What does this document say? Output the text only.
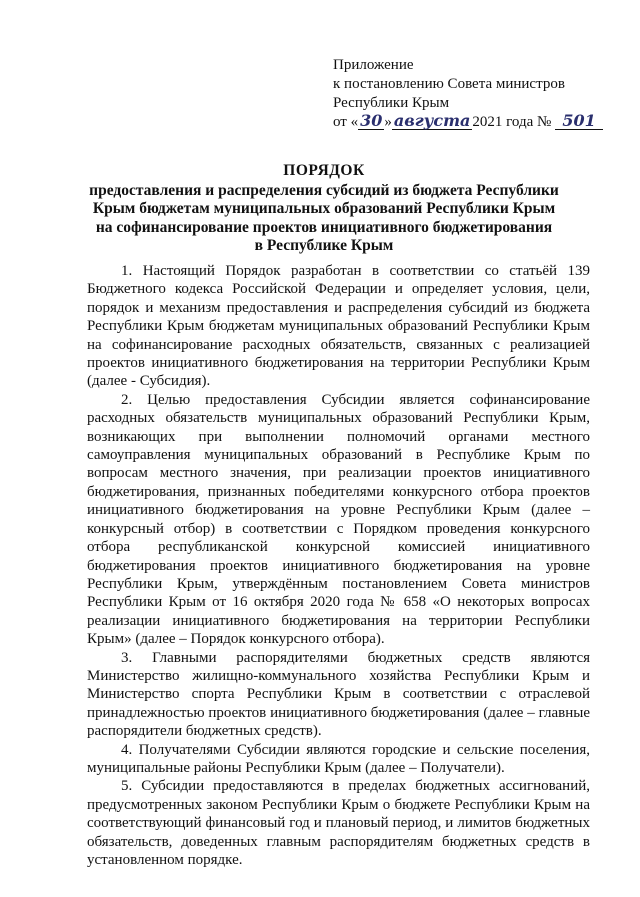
Приложение
к постановлению Совета министров
Республики Крым
от « 30 » августа 2021 года № 501
ПОРЯДОК
предоставления и распределения субсидий из бюджета Республики
Крым бюджетам муниципальных образований Республики Крым
на софинансирование проектов инициативного бюджетирования
в Республике Крым

1. Настоящий Порядок разработан в соответствии со статьёй 139 Бюджетного кодекса Российской Федерации и определяет условия, цели, порядок и механизм предоставления и распределения субсидий из бюджета Республики Крым бюджетам муниципальных образований Республики Крым на софинансирование расходных обязательств, связанных с реализацией проектов инициативного бюджетирования на территории Республики Крым (далее - Субсидия).

2. Целью предоставления Субсидии является софинансирование расходных обязательств муниципальных образований Республики Крым, возникающих при выполнении полномочий органами местного самоуправления муниципальных образований в Республике Крым по вопросам местного значения, при реализации проектов инициативного бюджетирования, признанных победителями конкурсного отбора проектов инициативного бюджетирования на уровне Республики Крым (далее – конкурсный отбор) в соответствии с Порядком проведения конкурсного отбора республиканской конкурсной комиссией инициативного бюджетирования проектов инициативного бюджетирования на уровне Республики Крым, утверждённым постановлением Совета министров Республики Крым от 16 октября 2020 года № 658 «О некоторых вопросах реализации инициативного бюджетирования на территории Республики Крым» (далее – Порядок конкурсного отбора).

3. Главными распорядителями бюджетных средств являются Министерство жилищно-коммунального хозяйства Республики Крым и Министерство спорта Республики Крым в соответствии с отраслевой принадлежностью проектов инициативного бюджетирования (далее – главные распорядители бюджетных средств).

4. Получателями Субсидии являются городские и сельские поселения, муниципальные районы Республики Крым (далее – Получатели).

5. Субсидии предоставляются в пределах бюджетных ассигнований, предусмотренных законом Республики Крым о бюджете Республики Крым на соответствующий финансовый год и плановый период, и лимитов бюджетных обязательств, доведенных главным распорядителям бюджетных средств в установленном порядке.
